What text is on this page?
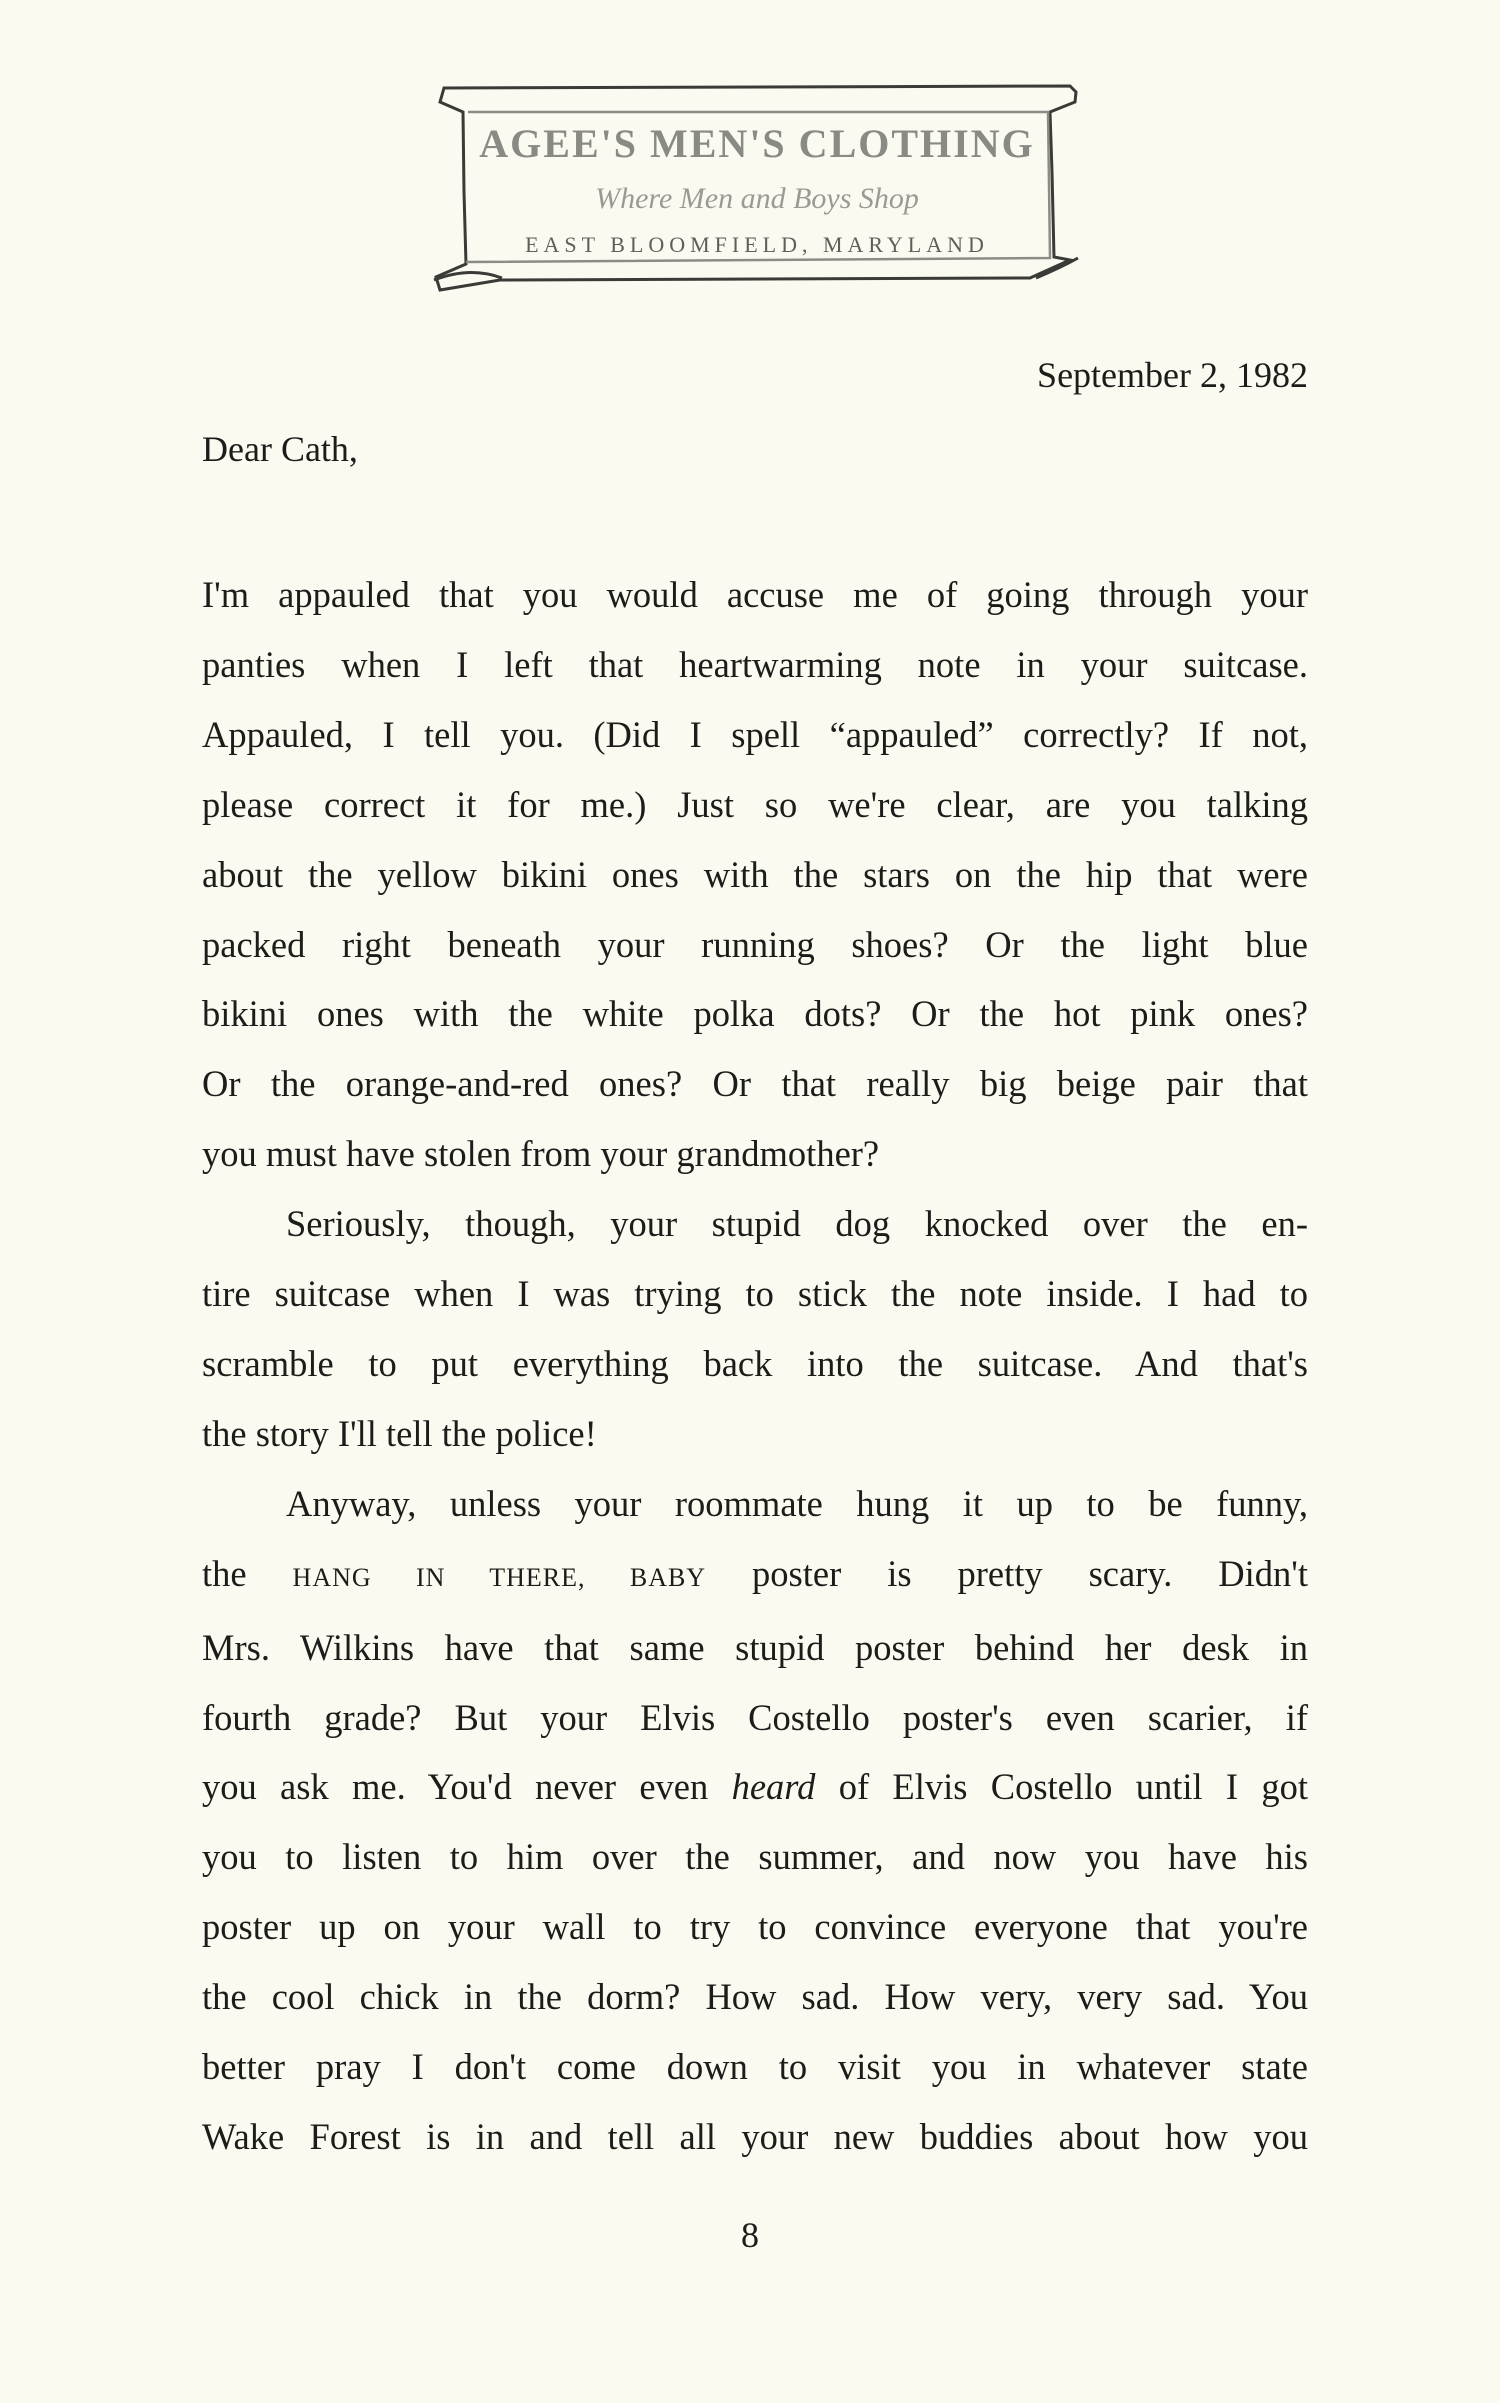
AGEE'S MEN'S CLOTHING
Where Men and Boys Shop
EAST BLOOMFIELD, MARYLAND
September 2, 1982
Dear Cath,
I'm appauled that you would accuse me of going through your
panties when I left that heartwarming note in your suitcase.
Appauled, I tell you. (Did I spell “appauled” correctly? If not,
please correct it for me.) Just so we're clear, are you talking
about the yellow bikini ones with the stars on the hip that were
packed right beneath your running shoes? Or the light blue
bikini ones with the white polka dots? Or the hot pink ones?
Or the orange-and-red ones? Or that really big beige pair that
you must have stolen from your grandmother?
Seriously, though, your stupid dog knocked over the en-
tire suitcase when I was trying to stick the note inside. I had to
scramble to put everything back into the suitcase. And that's
the story I'll tell the police!
Anyway, unless your roommate hung it up to be funny,
the HANG IN THERE, BABY poster is pretty scary. Didn't
Mrs. Wilkins have that same stupid poster behind her desk in
fourth grade? But your Elvis Costello poster's even scarier, if
you ask me. You'd never even heard of Elvis Costello until I got
you to listen to him over the summer, and now you have his
poster up on your wall to try to convince everyone that you're
the cool chick in the dorm? How sad. How very, very sad. You
better pray I don't come down to visit you in whatever state
Wake Forest is in and tell all your new buddies about how you
8
